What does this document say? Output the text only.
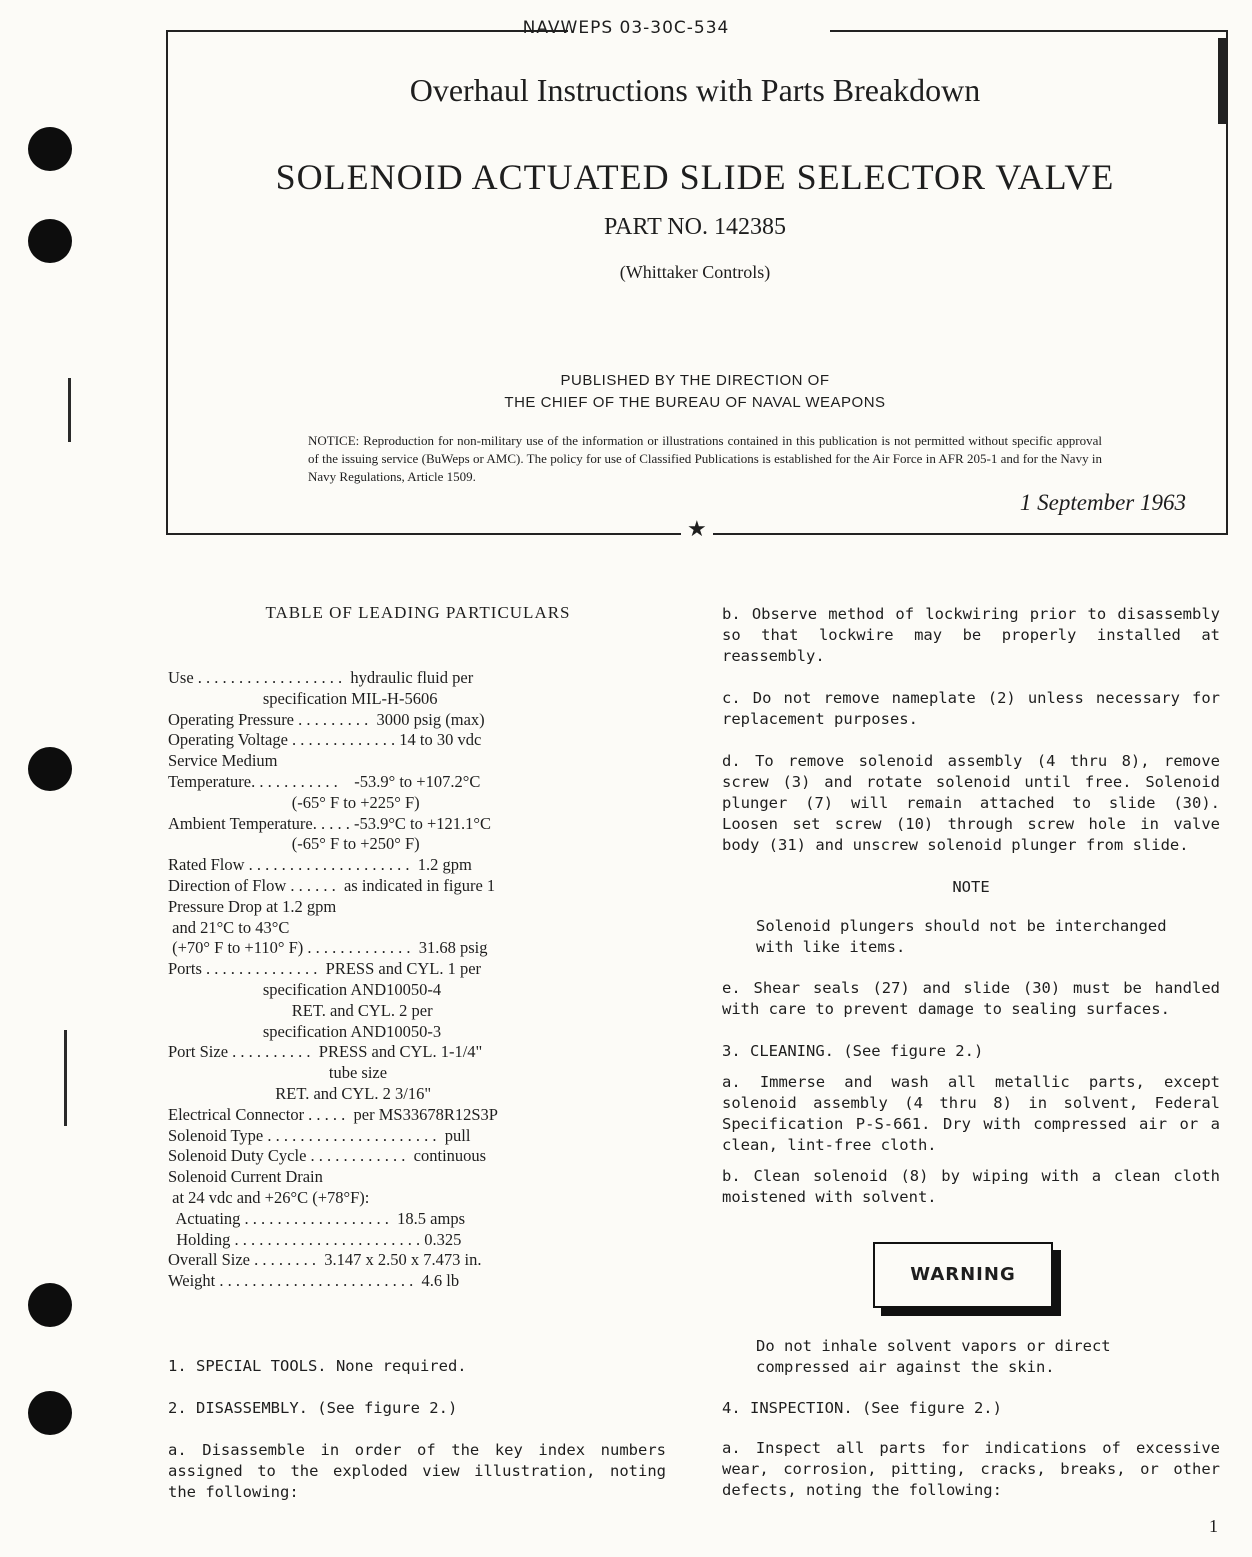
★
NAVWEPS 03-30C-534
Overhaul Instructions with Parts Breakdown
SOLENOID ACTUATED SLIDE SELECTOR VALVE
PART NO. 142385
(Whittaker Controls)
PUBLISHED BY THE DIRECTION OF
THE CHIEF OF THE BUREAU OF NAVAL WEAPONS
NOTICE: Reproduction for non-military use of the information or illustrations contained in this publication is not permitted without specific approval of the issuing service (BuWeps or AMC). The policy for use of Classified Publications is established for the Air Force in AFR 205-1 and for the Navy in Navy Regulations, Article 1509.
1 September 1963
TABLE OF LEADING PARTICULARS
Use . . . . . . . . . . . . . . . . . .  hydraulic fluid per
specification MIL-H-5606
Operating Pressure . . . . . . . . .  3000 psig (max)
Operating Voltage . . . . . . . . . . . . . 14 to 30 vdc
Service Medium
Temperature. . . . . . . . . . .    -53.9° to +107.2°C
(-65° F to +225° F)
Ambient Temperature. . . . . -53.9°C to +121.1°C
(-65° F to +250° F)
Rated Flow . . . . . . . . . . . . . . . . . . . .  1.2 gpm
Direction of Flow . . . . . .  as indicated in figure 1
Pressure Drop at 1.2 gpm
and 21°C to 43°C
(+70° F to +110° F) . . . . . . . . . . . . .  31.68 psig
Ports . . . . . . . . . . . . . .  PRESS and CYL. 1 per
specification AND10050-4
RET. and CYL. 2 per
specification AND10050-3
Port Size . . . . . . . . . .  PRESS and CYL. 1-1/4"
tube size
RET. and CYL. 2 3/16"
Electrical Connector . . . . .  per MS33678R12S3P
Solenoid Type . . . . . . . . . . . . . . . . . . . . .  pull
Solenoid Duty Cycle . . . . . . . . . . . .  continuous
Solenoid Current Drain
at 24 vdc and +26°C (+78°F):
Actuating . . . . . . . . . . . . . . . . . .  18.5 amps
Holding . . . . . . . . . . . . . . . . . . . . . . . 0.325
Overall Size . . . . . . . .  3.147 x 2.50 x 7.473 in.
Weight . . . . . . . . . . . . . . . . . . . . . . . .  4.6 lb
1. SPECIAL TOOLS. None required.
2. DISASSEMBLY. (See figure 2.)
a. Disassemble in order of the key index numbers assigned to the exploded view illustration, noting the following:
b. Observe method of lockwiring prior to disassembly so that lockwire may be properly installed at reassembly.
c. Do not remove nameplate (2) unless necessary for replacement purposes.
d. To remove solenoid assembly (4 thru 8), remove screw (3) and rotate solenoid until free. Solenoid plunger (7) will remain attached to slide (30). Loosen set screw (10) through screw hole in valve body (31) and unscrew solenoid plunger from slide.
NOTE
Solenoid plungers should not be interchanged with like items.
e. Shear seals (27) and slide (30) must be handled with care to prevent damage to sealing surfaces.
3. CLEANING. (See figure 2.)
a. Immerse and wash all metallic parts, except solenoid assembly (4 thru 8) in solvent, Federal Specification P-S-661. Dry with compressed air or a clean, lint-free cloth.
b. Clean solenoid (8) by wiping with a clean cloth moistened with solvent.
WARNING
Do not inhale solvent vapors or direct compressed air against the skin.
4. INSPECTION. (See figure 2.)
a. Inspect all parts for indications of excessive wear, corrosion, pitting, cracks, breaks, or other defects, noting the following:
1
